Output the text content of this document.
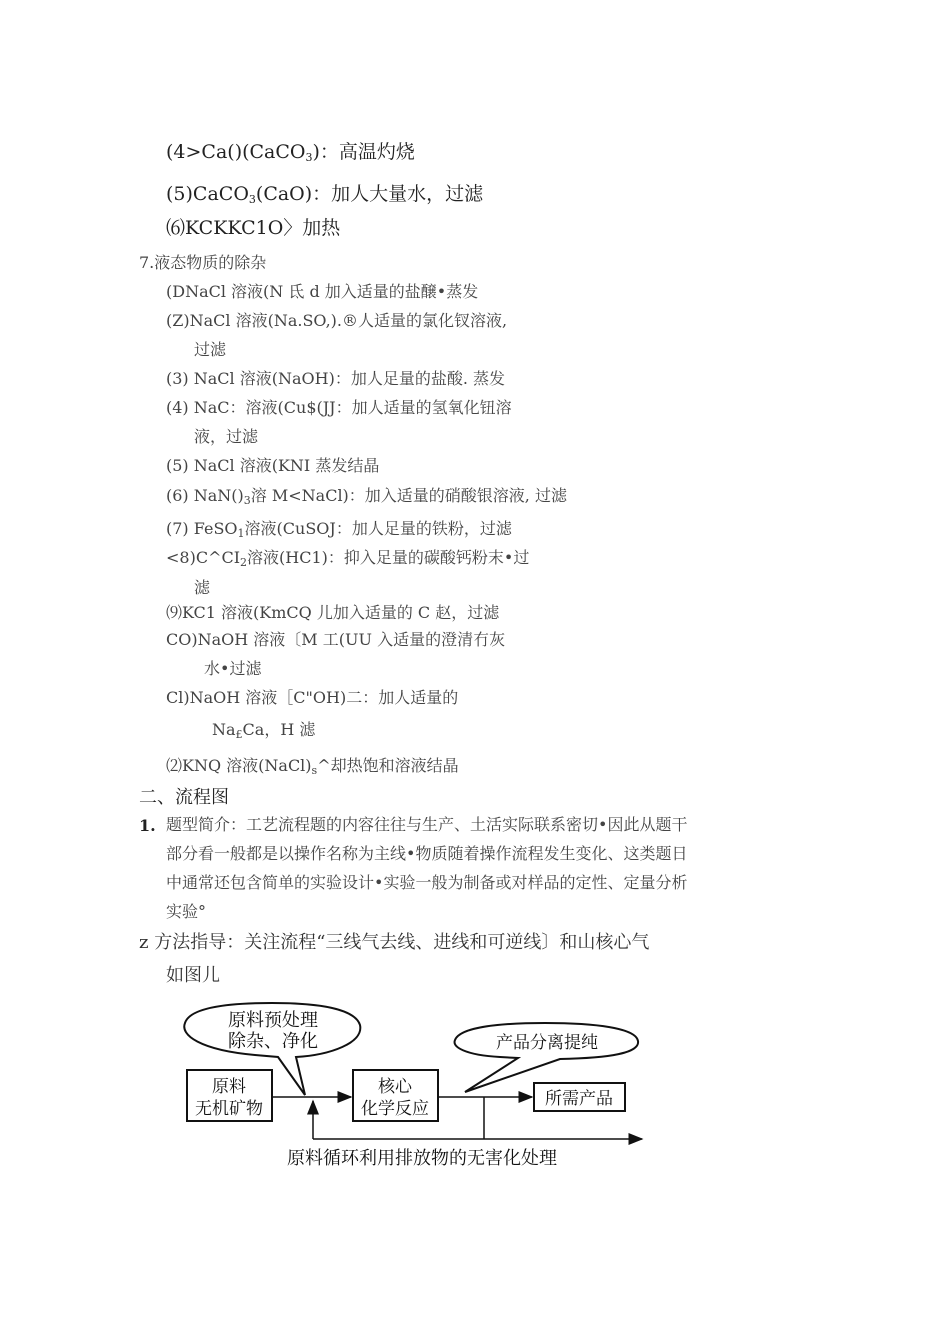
(4>Ca()(CaCO$_3$)：高温灼烧
(5)CaCO$_3$(CaO)：加人大量水，过滤
⑹KCKKC1O〉加热
7.液态物质的除杂
(DNaCl 溶液(N 氐 d 加入适量的盐醸•蒸发
(Z)NaCl 溶液(Na.SO,).®人适量的氯化钗溶液,
过滤
(3) NaCl 溶液(NaOH)：加人足量的盐酸. 蒸发
(4) NaC：溶液(Cu$(JJ：加人适量的氢氧化钮溶
液，过滤
(5) NaCl 溶液(KNI 蒸发结晶
(6) $NaN()_3$溶 M<NaCl)：加入适量的硝酸银溶液, 过滤
(7) FeSO$_1$溶液(CuSOJ：加人足量的铁粉，过滤
$<8)C\^{}CI_2$溶液(HC1)：抑入足量的碳酸钙粉末•过
滤
⑼KC1 溶液(KmCQ 儿加入适量的 C 赵，过滤
CO)NaOH 溶液〔M 工(UU 入适量的澄清冇灰
水•过滤
Cl)NaOH 溶液［C"OH)二：加人适量的
$Na_£Ca$，H 滤
⑵KNQ 溶液$(NaCl)_s\^{}$却热饱和溶液结晶
二、流程图
1. 题型简介：工艺流程题的内容往往与生产、土活实际联系密切•因此从题干部分看一般都是以操作名称为主线•物质随着操作流程发生变化、这类题日中通常还包含简单的实验设计•实验一般为制备或对样品的定性、定量分析实验°
z 方法指导：关注流程“三线气去线、进线和可逆线〕和山核心气
如图儿
原料预处理
除杂、净化	产品分离提纯
原料
无机矿物
核心
化学反应	所需产品
原料循环利用排放物的无害化处理
